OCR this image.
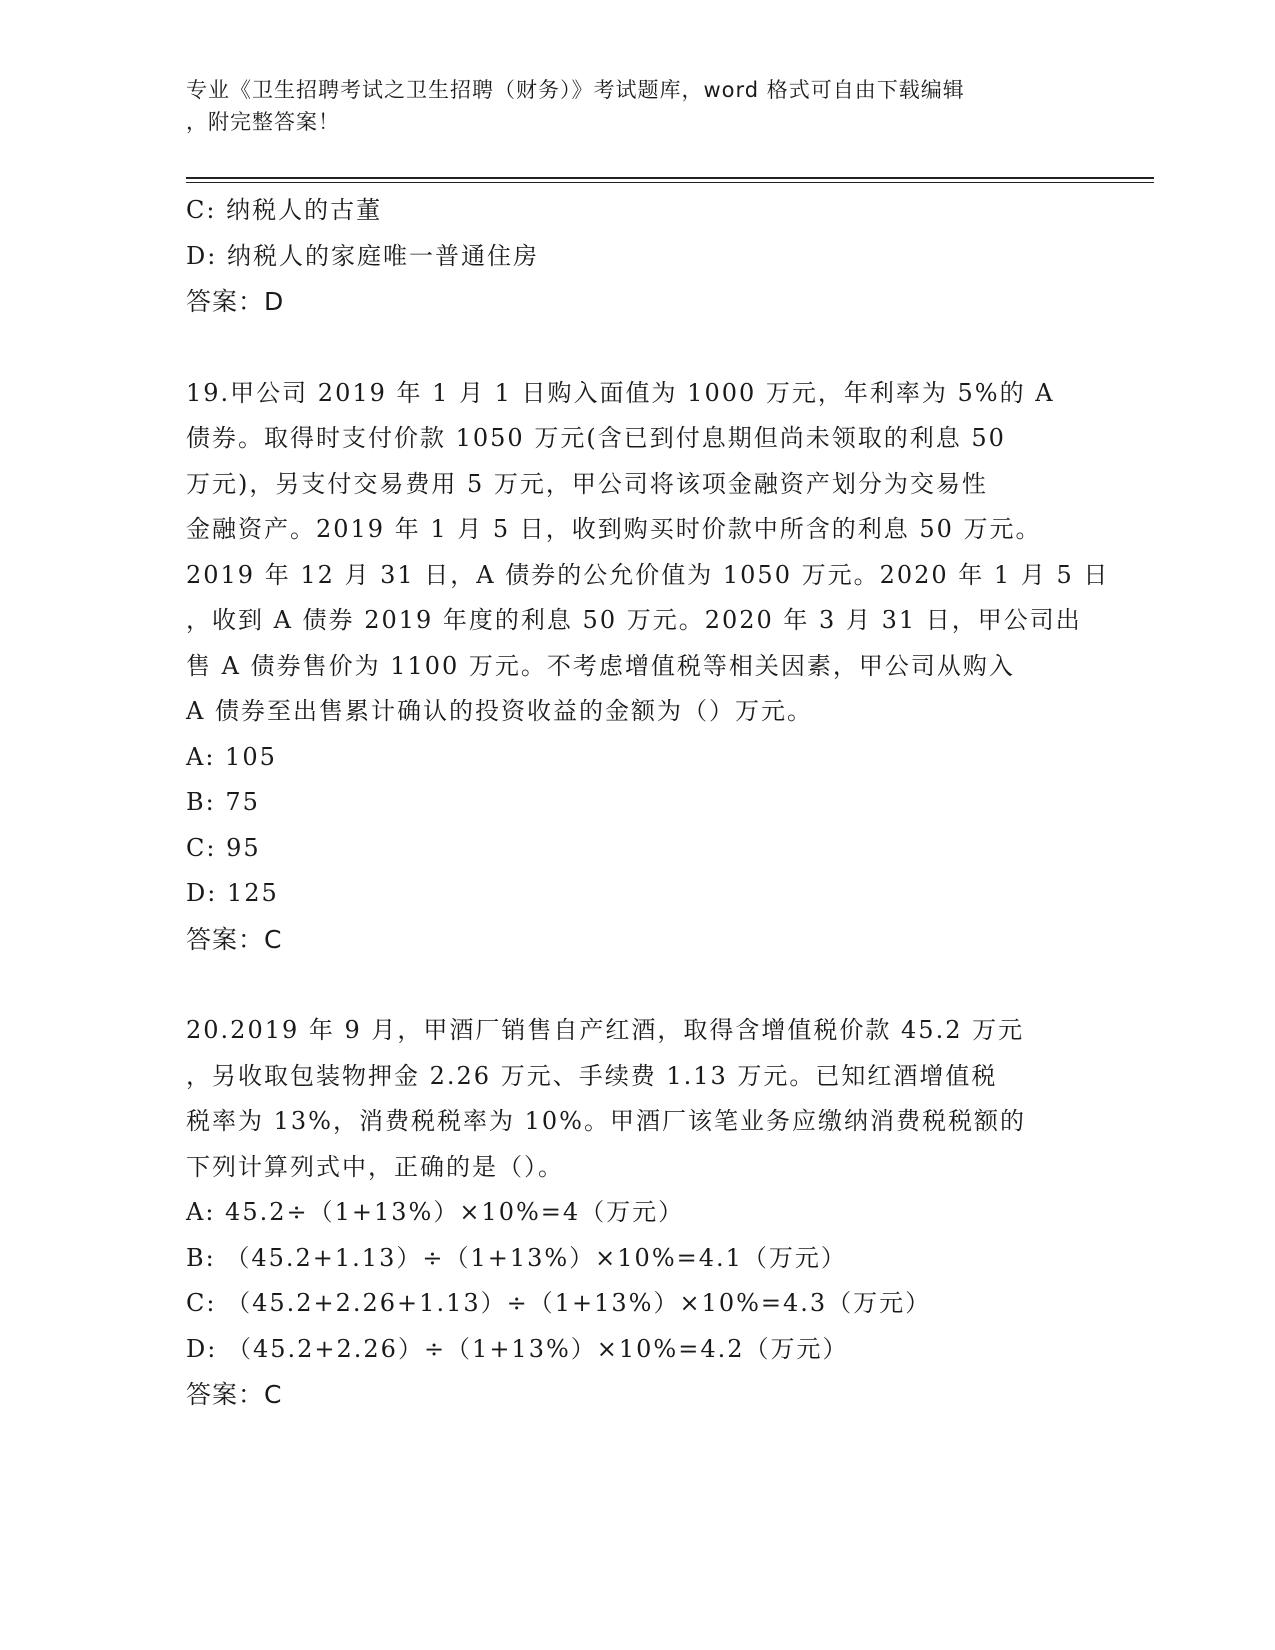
专业《卫生招聘考试之卫生招聘（财务）》考试题库，word 格式可自由下载编辑
，附完整答案！
C: 纳税人的古董
D: 纳税人的家庭唯一普通住房
答案：D
19.甲公司 2019 年 1 月 1 日购入面值为 1000 万元，年利率为 5%的 A
债券。取得时支付价款 1050 万元(含已到付息期但尚未领取的利息 50
万元)，另支付交易费用 5 万元，甲公司将该项金融资产划分为交易性
金融资产。2019 年 1 月 5 日，收到购买时价款中所含的利息 50 万元。
2019 年 12 月 31 日，A 债券的公允价值为 1050 万元。2020 年 1 月 5 日
，收到 A 债券 2019 年度的利息 50 万元。2020 年 3 月 31 日，甲公司出
售 A 债券售价为 1100 万元。不考虑增值税等相关因素，甲公司从购入
A 债券至出售累计确认的投资收益的金额为（）万元。
A: 105
B: 75
C: 95
D: 125
答案：C
20.2019 年 9 月，甲酒厂销售自产红酒，取得含增值税价款 45.2 万元
，另收取包装物押金 2.26 万元、手续费 1.13 万元。已知红酒增值税
税率为 13%，消费税税率为 10%。甲酒厂该笔业务应缴纳消费税税额的
下列计算列式中，正确的是（）。
A: 45.2÷（1+13%）×10%=4（万元）
B: （45.2+1.13）÷（1+13%）×10%=4.1（万元）
C: （45.2+2.26+1.13）÷（1+13%）×10%=4.3（万元）
D: （45.2+2.26）÷（1+13%）×10%=4.2（万元）
答案：C
